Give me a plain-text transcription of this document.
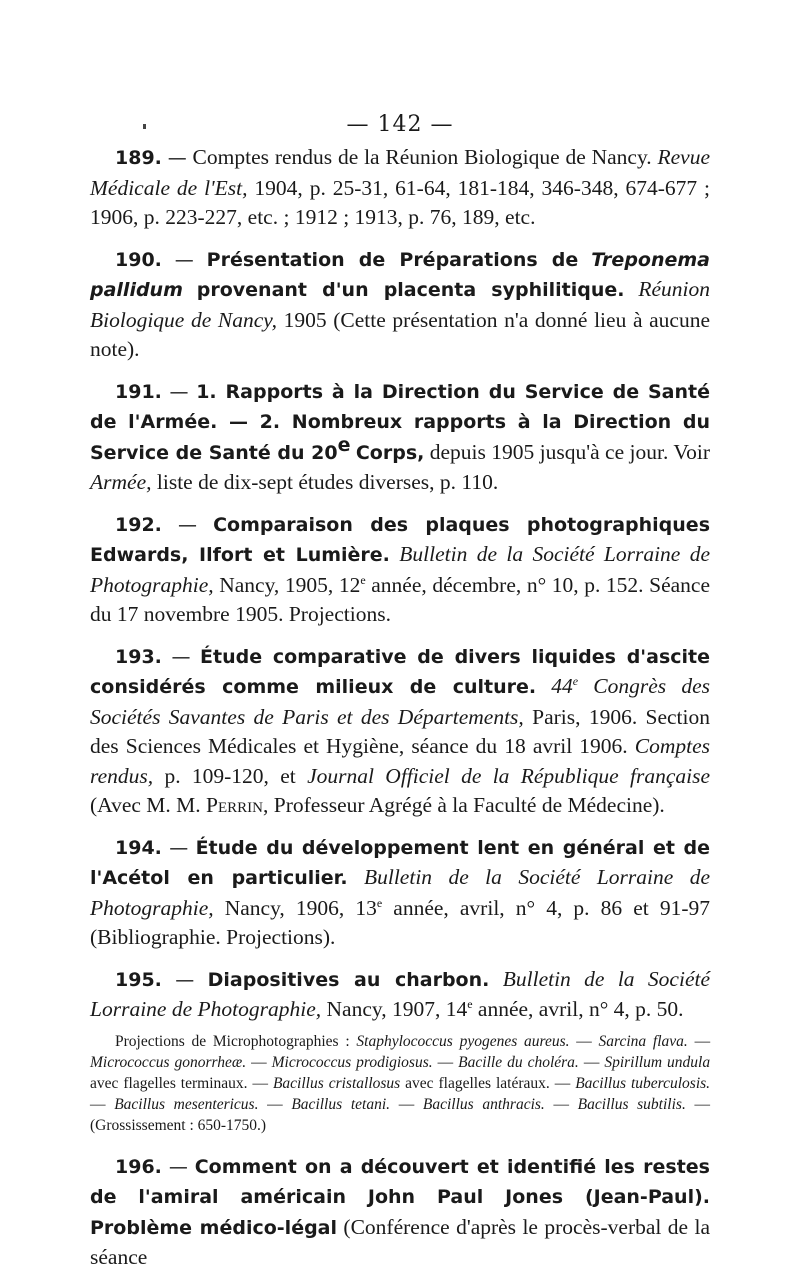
— 142 —

189. — Comptes rendus de la Réunion Biologique de Nancy. Revue Médicale de l'Est, 1904, p. 25-31, 61-64, 181-184, 346-348, 674-677 ; 1906, p. 223-227, etc. ; 1912 ; 1913, p. 76, 189, etc.

190. — Présentation de Préparations de Treponema pallidum provenant d'un placenta syphilitique. Réunion Biologique de Nancy, 1905 (Cette présentation n'a donné lieu à aucune note).

191. — 1. Rapports à la Direction du Service de Santé de l'Armée. — 2. Nombreux rapports à la Direction du Service de Santé du 20e Corps, depuis 1905 jusqu'à ce jour. Voir Armée, liste de dix-sept études diverses, p. 110.

192. — Comparaison des plaques photographiques Edwards, Ilfort et Lumière. Bulletin de la Société Lorraine de Photographie, Nancy, 1905, 12e année, décembre, n° 10, p. 152. Séance du 17 novembre 1905. Projections.

193. — Étude comparative de divers liquides d'ascite considérés comme milieux de culture. 44e Congrès des Sociétés Savantes de Paris et des Départements, Paris, 1906. Section des Sciences Médicales et Hygiène, séance du 18 avril 1906. Comptes rendus, p. 109-120, et Journal Officiel de la République française (Avec M. M. Perrin, Professeur Agrégé à la Faculté de Médecine).

194. — Étude du développement lent en général et de l'Acétol en particulier. Bulletin de la Société Lorraine de Photographie, Nancy, 1906, 13e année, avril, n° 4, p. 86 et 91-97 (Bibliographie. Projections).

195. — Diapositives au charbon. Bulletin de la Société Lorraine de Photographie, Nancy, 1907, 14e année, avril, n° 4, p. 50.

Projections de Microphotographies : Staphylococcus pyogenes aureus. — Sarcina flava. — Micrococcus gonorrheæ. — Micrococcus prodigiosus. — Bacille du choléra. — Spirillum undula avec flagelles terminaux. — Bacillus cristallosus avec flagelles latéraux. — Bacillus tuberculosis. — Bacillus mesentericus. — Bacillus tetani. — Bacillus anthracis. — Bacillus subtilis. — (Grossissement : 650-1750.)

196. — Comment on a découvert et identifié les restes de l'amiral américain John Paul Jones (Jean-Paul). Problème médico-légal (Conférence d'après le procès-verbal de la séance
